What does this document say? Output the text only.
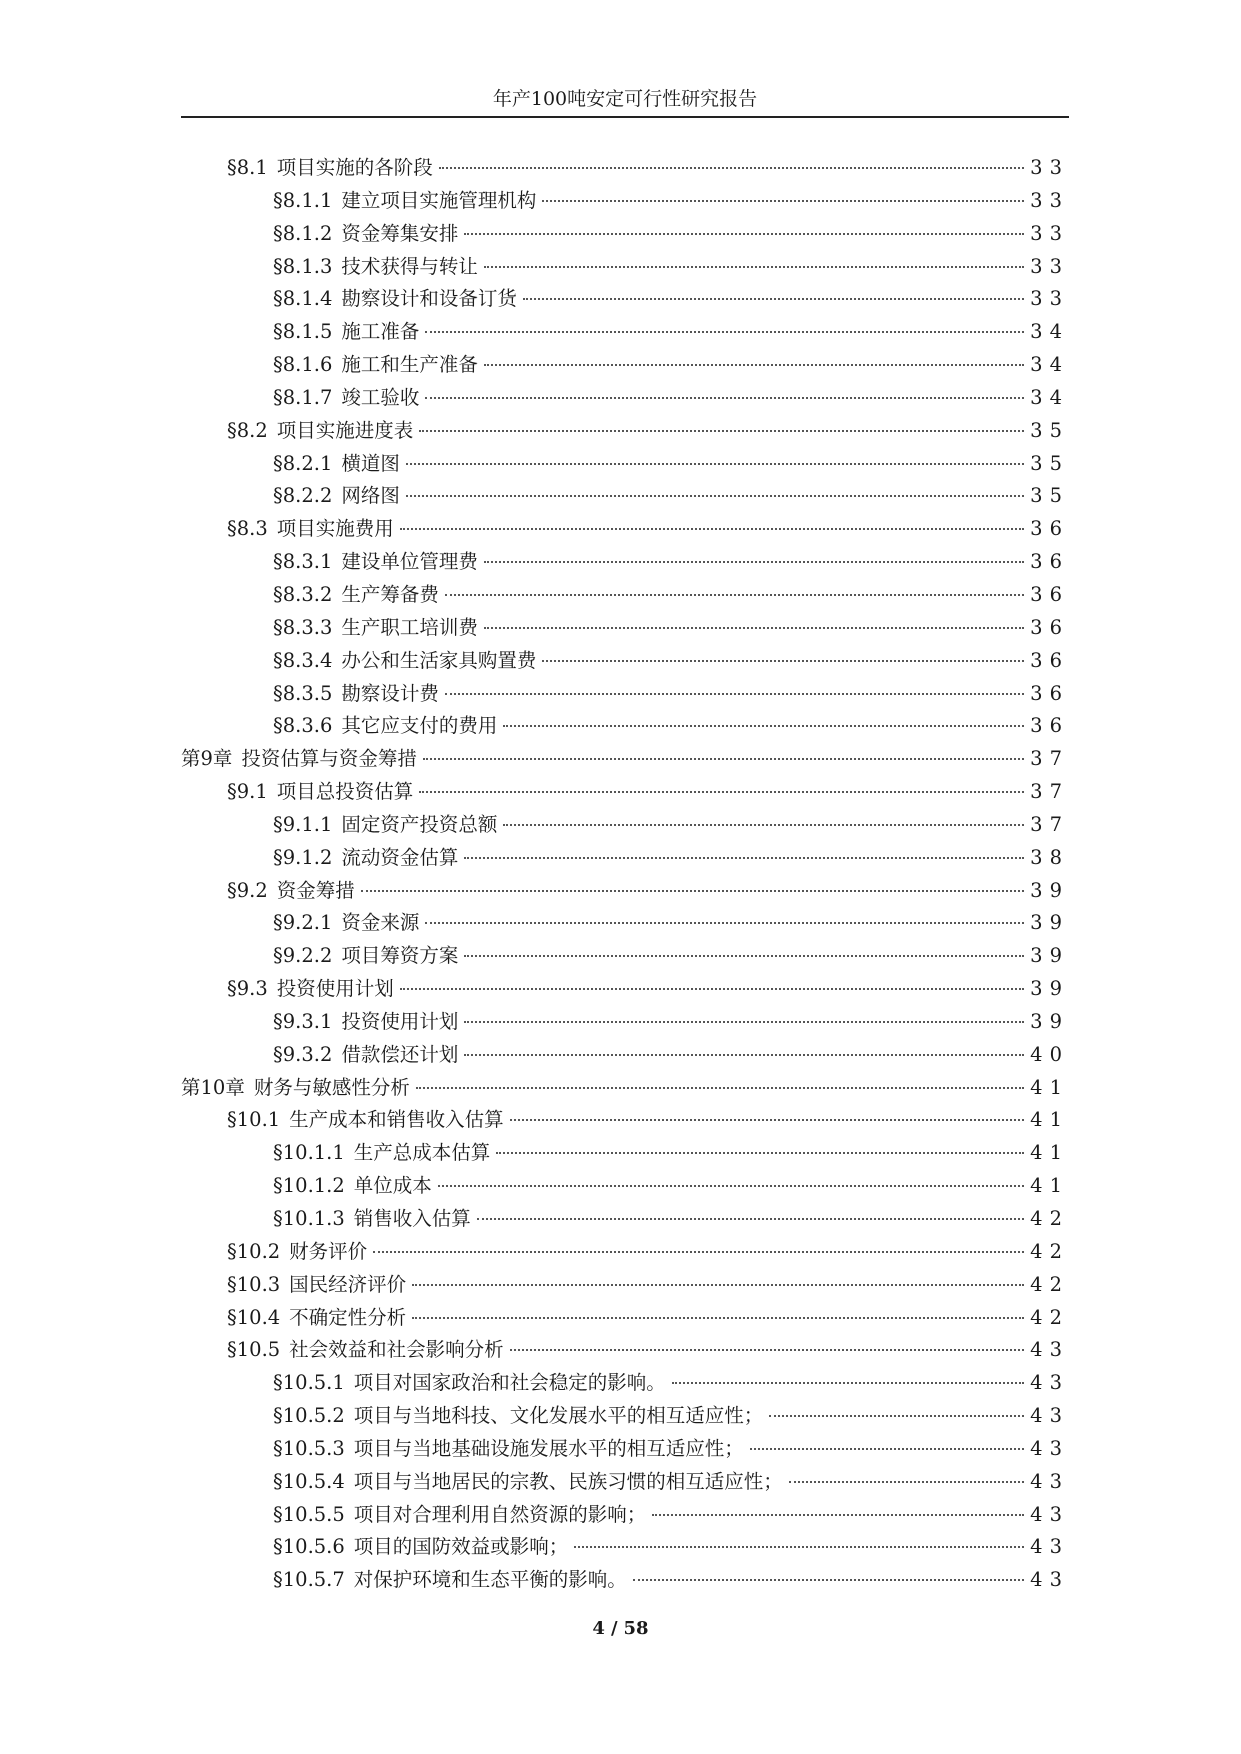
年产100吨安定可行性研究报告
§8.1 项目实施的各阶段	33
§8.1.1 建立项目实施管理机构	33
§8.1.2 资金筹集安排	33
§8.1.3 技术获得与转让	33
§8.1.4 勘察设计和设备订货	33
§8.1.5 施工准备	34
§8.1.6 施工和生产准备	34
§8.1.7 竣工验收	34
§8.2 项目实施进度表	35
§8.2.1 横道图	35
§8.2.2 网络图	35
§8.3 项目实施费用	36
§8.3.1 建设单位管理费	36
§8.3.2 生产筹备费	36
§8.3.3 生产职工培训费	36
§8.3.4 办公和生活家具购置费	36
§8.3.5 勘察设计费	36
§8.3.6 其它应支付的费用	36
第9章 投资估算与资金筹措	37
§9.1 项目总投资估算	37
§9.1.1 固定资产投资总额	37
§9.1.2 流动资金估算	38
§9.2 资金筹措	39
§9.2.1 资金来源	39
§9.2.2 项目筹资方案	39
§9.3 投资使用计划	39
§9.3.1 投资使用计划	39
§9.3.2 借款偿还计划	40
第10章 财务与敏感性分析	41
§10.1 生产成本和销售收入估算	41
§10.1.1 生产总成本估算	41
§10.1.2 单位成本	41
§10.1.3 销售收入估算	42
§10.2 财务评价	42
§10.3 国民经济评价	42
§10.4 不确定性分析	42
§10.5 社会效益和社会影响分析	43
§10.5.1 项目对国家政治和社会稳定的影响。	43
§10.5.2 项目与当地科技、文化发展水平的相互适应性；	43
§10.5.3 项目与当地基础设施发展水平的相互适应性；	43
§10.5.4 项目与当地居民的宗教、民族习惯的相互适应性；	43
§10.5.5 项目对合理利用自然资源的影响；	43
§10.5.6 项目的国防效益或影响；	43
§10.5.7 对保护环境和生态平衡的影响。	43
4 / 58
